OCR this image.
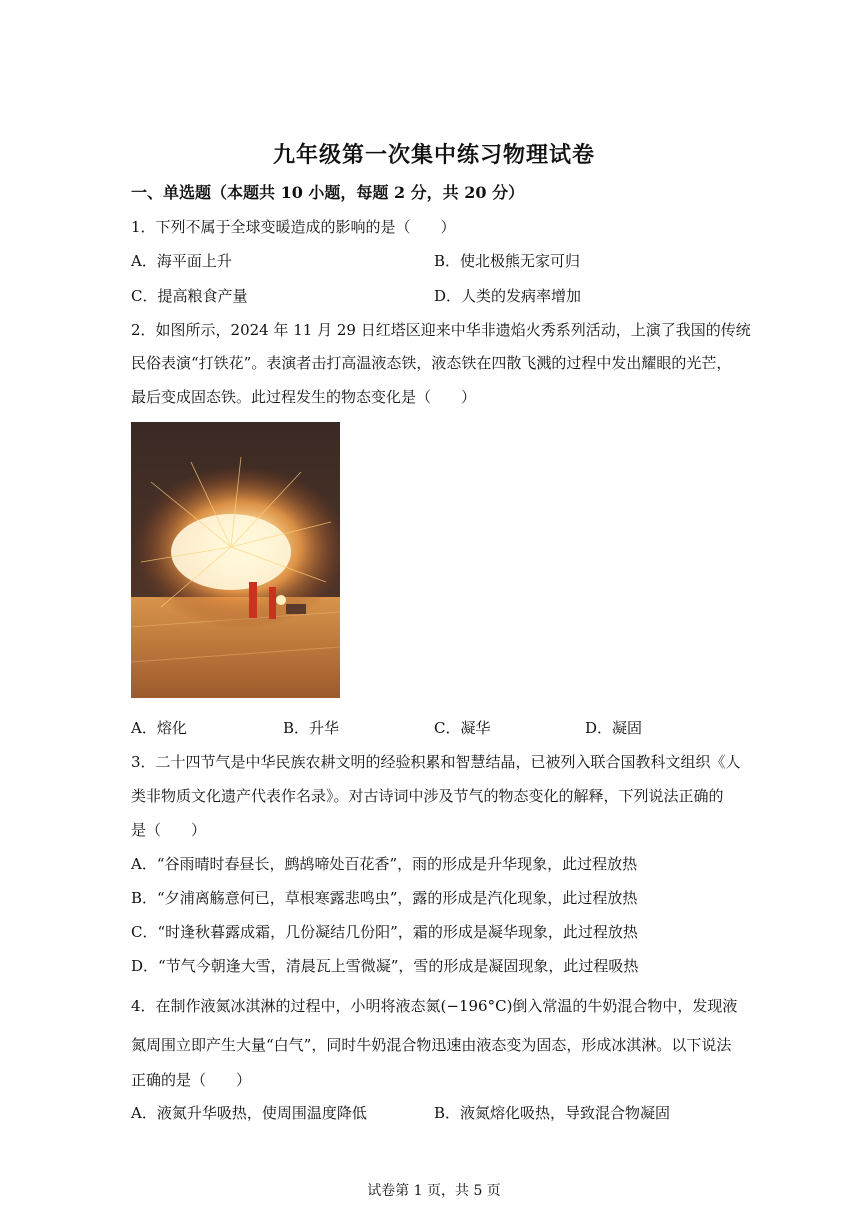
九年级第一次集中练习物理试卷
一、单选题（本题共 10 小题，每题 2 分，共 20 分）
1．下列不属于全球变暖造成的影响的是（　　）
A．海平面上升	B．使北极熊无家可归
C．提高粮食产量	D．人类的发病率增加
2．如图所示，2024 年 11 月 29 日红塔区迎来中华非遗焰火秀系列活动，上演了我国的传统
民俗表演“打铁花”。表演者击打高温液态铁，液态铁在四散飞溅的过程中发出耀眼的光芒，
最后变成固态铁。此过程发生的物态变化是（　　）
A．熔化	B．升华	C．凝华	D．凝固
3．二十四节气是中华民族农耕文明的经验积累和智慧结晶，已被列入联合国教科文组织《人
类非物质文化遗产代表作名录》。对古诗词中涉及节气的物态变化的解释，下列说法正确的
是（　　）
A．“谷雨晴时春昼长，鹧鸪啼处百花香”，雨的形成是升华现象，此过程放热
B．“夕浦离觞意何已，草根寒露悲鸣虫”，露的形成是汽化现象，此过程放热
C．“时逢秋暮露成霜，几份凝结几份阳”，霜的形成是凝华现象，此过程放热
D．“节气今朝逢大雪，清晨瓦上雪微凝”，雪的形成是凝固现象，此过程吸热
4．在制作液氮冰淇淋的过程中，小明将液态氮(−196°C)倒入常温的牛奶混合物中，发现液
氮周围立即产生大量“白气”，同时牛奶混合物迅速由液态变为固态，形成冰淇淋。以下说法
正确的是（　　）
A．液氮升华吸热，使周围温度降低	B．液氮熔化吸热，导致混合物凝固
试卷第 1 页，共 5 页
